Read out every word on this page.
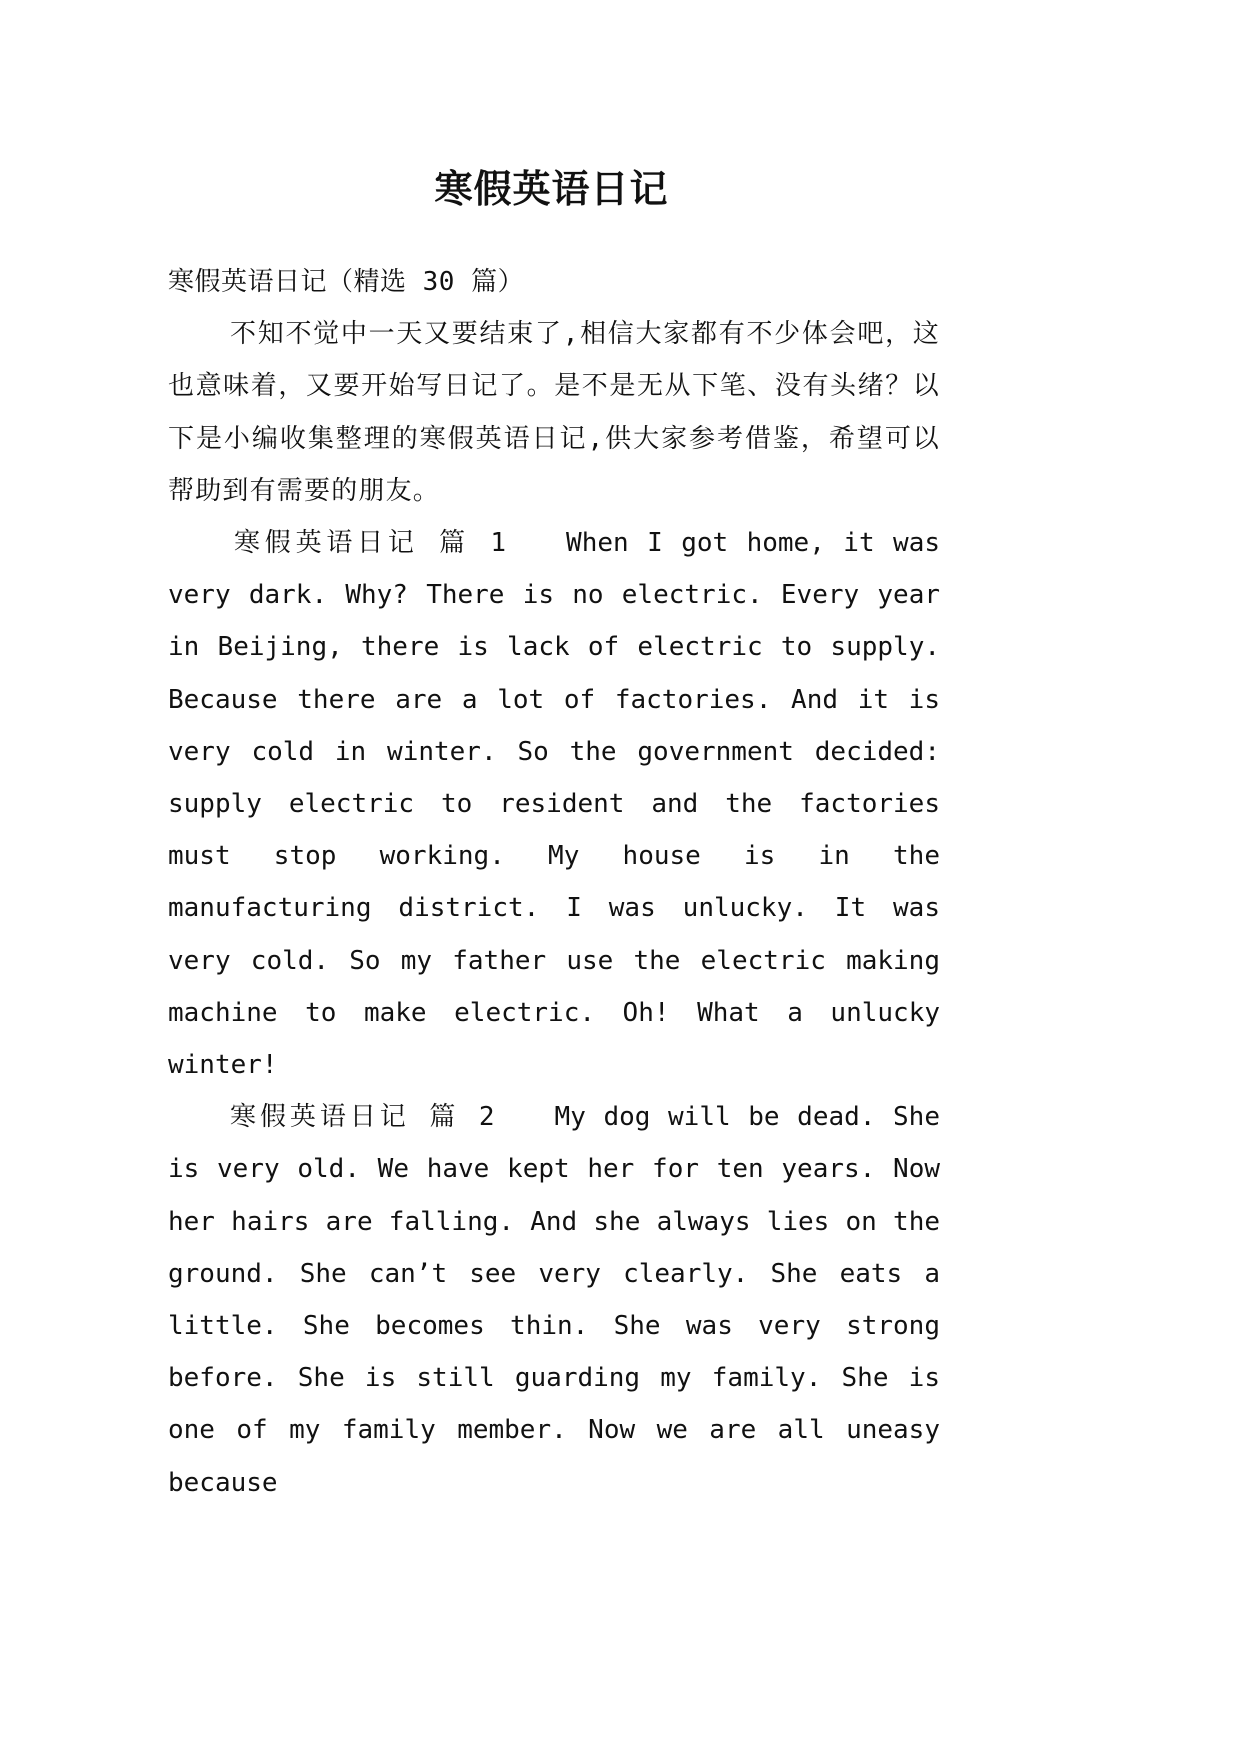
寒假英语日记

寒假英语日记（精选 30 篇）

不知不觉中一天又要结束了,相信大家都有不少体会吧，这也意味着，又要开始写日记了。是不是无从下笔、没有头绪？以下是小编收集整理的寒假英语日记,供大家参考借鉴，希望可以帮助到有需要的朋友。

寒假英语日记 篇 1 When I got home, it was very dark. Why? There is no electric. Every year in Beijing, there is lack of electric to supply. Because there are a lot of factories. And it is very cold in winter. So the government decided: supply electric to resident and the factories must stop working. My house is in the manufacturing district. I was unlucky. It was very cold. So my father use the electric making machine to make electric. Oh! What a unlucky winter!

寒假英语日记 篇 2 My dog will be dead. She is very old. We have kept her for ten years. Now her hairs are falling. And she always lies on the ground. She can’t see very clearly. She eats a little. She becomes thin. She was very strong before. She is still guarding my family. She is one of my family member. Now we are all uneasy because
